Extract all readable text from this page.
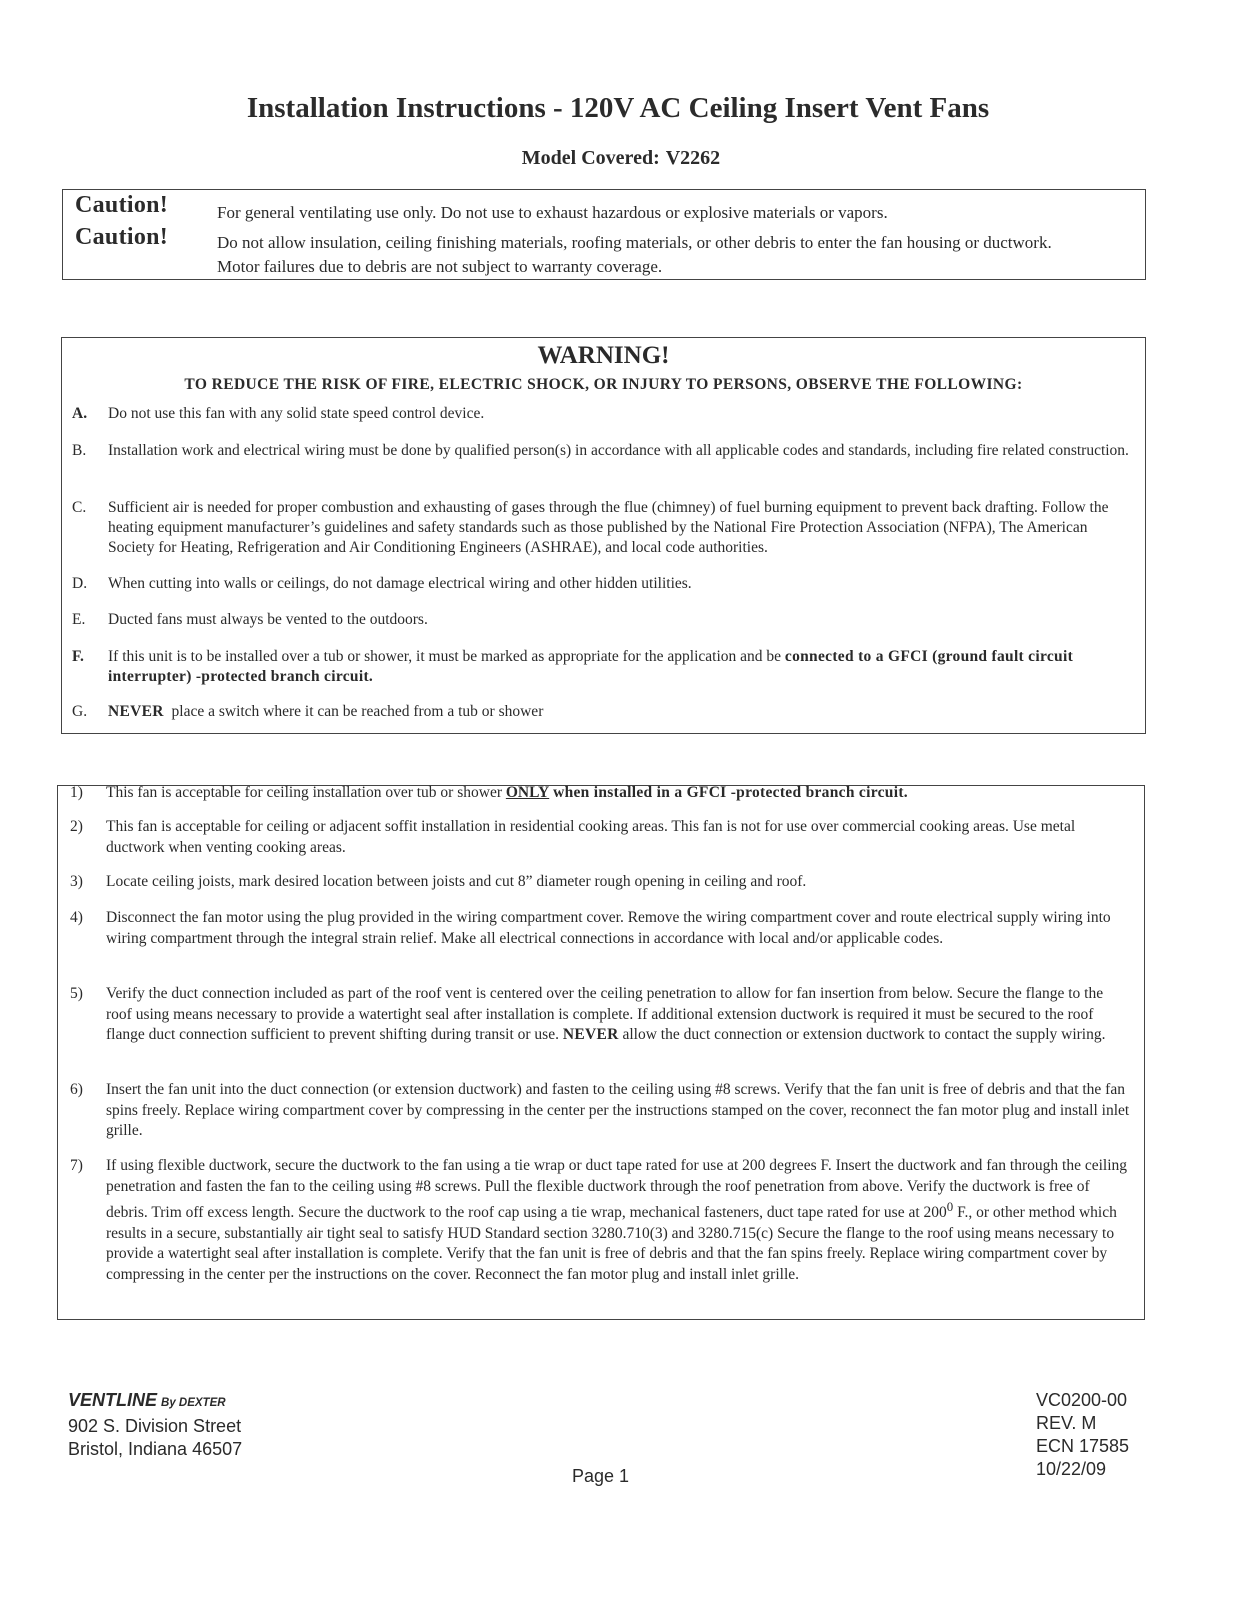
Installation Instructions - 120V AC Ceiling Insert Vent Fans
Model Covered: V2262
Caution!	For general ventilating use only. Do not use to exhaust hazardous or explosive materials or vapors.
Caution!	Do not allow insulation, ceiling finishing materials, roofing materials, or other debris to enter the fan housing or ductwork. Motor failures due to debris are not subject to warranty coverage.
WARNING!
TO REDUCE THE RISK OF FIRE, ELECTRIC SHOCK, OR INJURY TO PERSONS, OBSERVE THE FOLLOWING:
A.	Do not use this fan with any solid state speed control device.
B.	Installation work and electrical wiring must be done by qualified person(s) in accordance with all applicable codes and standards, including fire related construction.
C.	Sufficient air is needed for proper combustion and exhausting of gases through the flue (chimney) of fuel burning equipment to prevent back drafting. Follow the heating equipment manufacturer’s guidelines and safety standards such as those published by the National Fire Protection Association (NFPA), The American Society for Heating, Refrigeration and Air Conditioning Engineers (ASHRAE), and local code authorities.
D.	When cutting into walls or ceilings, do not damage electrical wiring and other hidden utilities.
E.	Ducted fans must always be vented to the outdoors.
F.	If this unit is to be installed over a tub or shower, it must be marked as appropriate for the application and be connected to a GFCI (ground fault circuit interrupter) -protected branch circuit.
G.	NEVER place a switch where it can be reached from a tub or shower
1)	This fan is acceptable for ceiling installation over tub or shower ONLY when installed in a GFCI -protected branch circuit.
2)	This fan is acceptable for ceiling or adjacent soffit installation in residential cooking areas. This fan is not for use over commercial cooking areas. Use metal ductwork when venting cooking areas.
3)	Locate ceiling joists, mark desired location between joists and cut 8” diameter rough opening in ceiling and roof.
4)	Disconnect the fan motor using the plug provided in the wiring compartment cover. Remove the wiring compartment cover and route electrical supply wiring into wiring compartment through the integral strain relief. Make all electrical connections in accordance with local and/or applicable codes.
5)	Verify the duct connection included as part of the roof vent is centered over the ceiling penetration to allow for fan insertion from below. Secure the flange to the roof using means necessary to provide a watertight seal after installation is complete. If additional extension ductwork is required it must be secured to the roof flange duct connection sufficient to prevent shifting during transit or use. NEVER allow the duct connection or extension ductwork to contact the supply wiring.
6)	Insert the fan unit into the duct connection (or extension ductwork) and fasten to the ceiling using #8 screws. Verify that the fan unit is free of debris and that the fan spins freely. Replace wiring compartment cover by compressing in the center per the instructions stamped on the cover, reconnect the fan motor plug and install inlet grille.
7)	If using flexible ductwork, secure the ductwork to the fan using a tie wrap or duct tape rated for use at 200 degrees F. Insert the ductwork and fan through the ceiling penetration and fasten the fan to the ceiling using #8 screws. Pull the flexible ductwork through the roof penetration from above. Verify the ductwork is free of debris. Trim off excess length. Secure the ductwork to the roof cap using a tie wrap, mechanical fasteners, duct tape rated for use at $200^0$ F., or other method which results in a secure, substantially air tight seal to satisfy HUD Standard section 3280.710(3) and 3280.715(c) Secure the flange to the roof using means necessary to provide a watertight seal after installation is complete. Verify that the fan unit is free of debris and that the fan spins freely. Replace wiring compartment cover by compressing in the center per the instructions on the cover. Reconnect the fan motor plug and install inlet grille.
VENTLINE By DEXTER
902 S. Division Street
Bristol, Indiana 46507
Page 1
VC0200-00
REV. M
ECN 17585
10/22/09
